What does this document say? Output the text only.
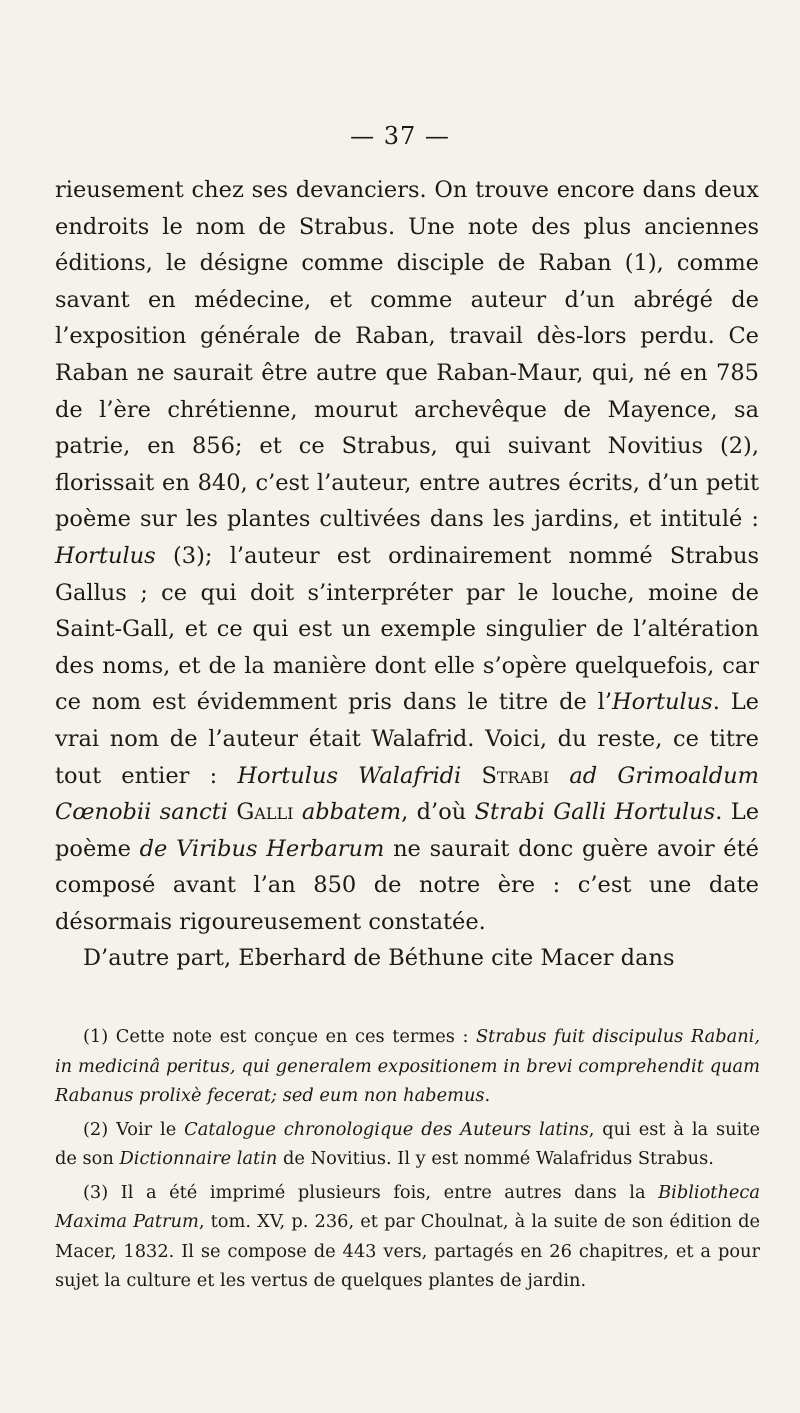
— 37 —

rieusement chez ses devanciers. On trouve encore dans deux endroits le nom de Strabus. Une note des plus anciennes éditions, le désigne comme disciple de Raban (1), comme savant en médecine, et comme auteur d’un abrégé de l’exposition générale de Raban, travail dès-lors perdu. Ce Raban ne saurait être autre que Raban-Maur, qui, né en 785 de l’ère chrétienne, mourut archevêque de Mayence, sa patrie, en 856; et ce Strabus, qui suivant Novitius (2), florissait en 840, c’est l’auteur, entre autres écrits, d’un petit poème sur les plantes cultivées dans les jardins, et intitulé : Hortulus (3); l’auteur est ordinairement nommé Strabus Gallus ; ce qui doit s’interpréter par le louche, moine de Saint-Gall, et ce qui est un exemple singulier de l’altération des noms, et de la manière dont elle s’opère quelquefois, car ce nom est évidemment pris dans le titre de l’Hortulus. Le vrai nom de l’auteur était Walafrid. Voici, du reste, ce titre tout entier : Hortulus Walafridi Strabi ad Grimoaldum Cœnobii sancti Galli abbatem, d’où Strabi Galli Hortulus. Le poème de Viribus Herbarum ne saurait donc guère avoir été composé avant l’an 850 de notre ère : c’est une date désormais rigoureusement constatée.

D’autre part, Eberhard de Béthune cite Macer dans

(1) Cette note est conçue en ces termes : Strabus fuit discipulus Rabani, in medicinâ peritus, qui generalem expositionem in brevi comprehendit quam Rabanus prolixè fecerat; sed eum non habemus.

(2) Voir le Catalogue chronologique des Auteurs latins, qui est à la suite de son Dictionnaire latin de Novitius. Il y est nommé Walafridus Strabus.

(3) Il a été imprimé plusieurs fois, entre autres dans la Bibliotheca Maxima Patrum, tom. XV, p. 236, et par Choulnat, à la suite de son édition de Macer, 1832. Il se compose de 443 vers, partagés en 26 chapitres, et a pour sujet la culture et les vertus de quelques plantes de jardin.
